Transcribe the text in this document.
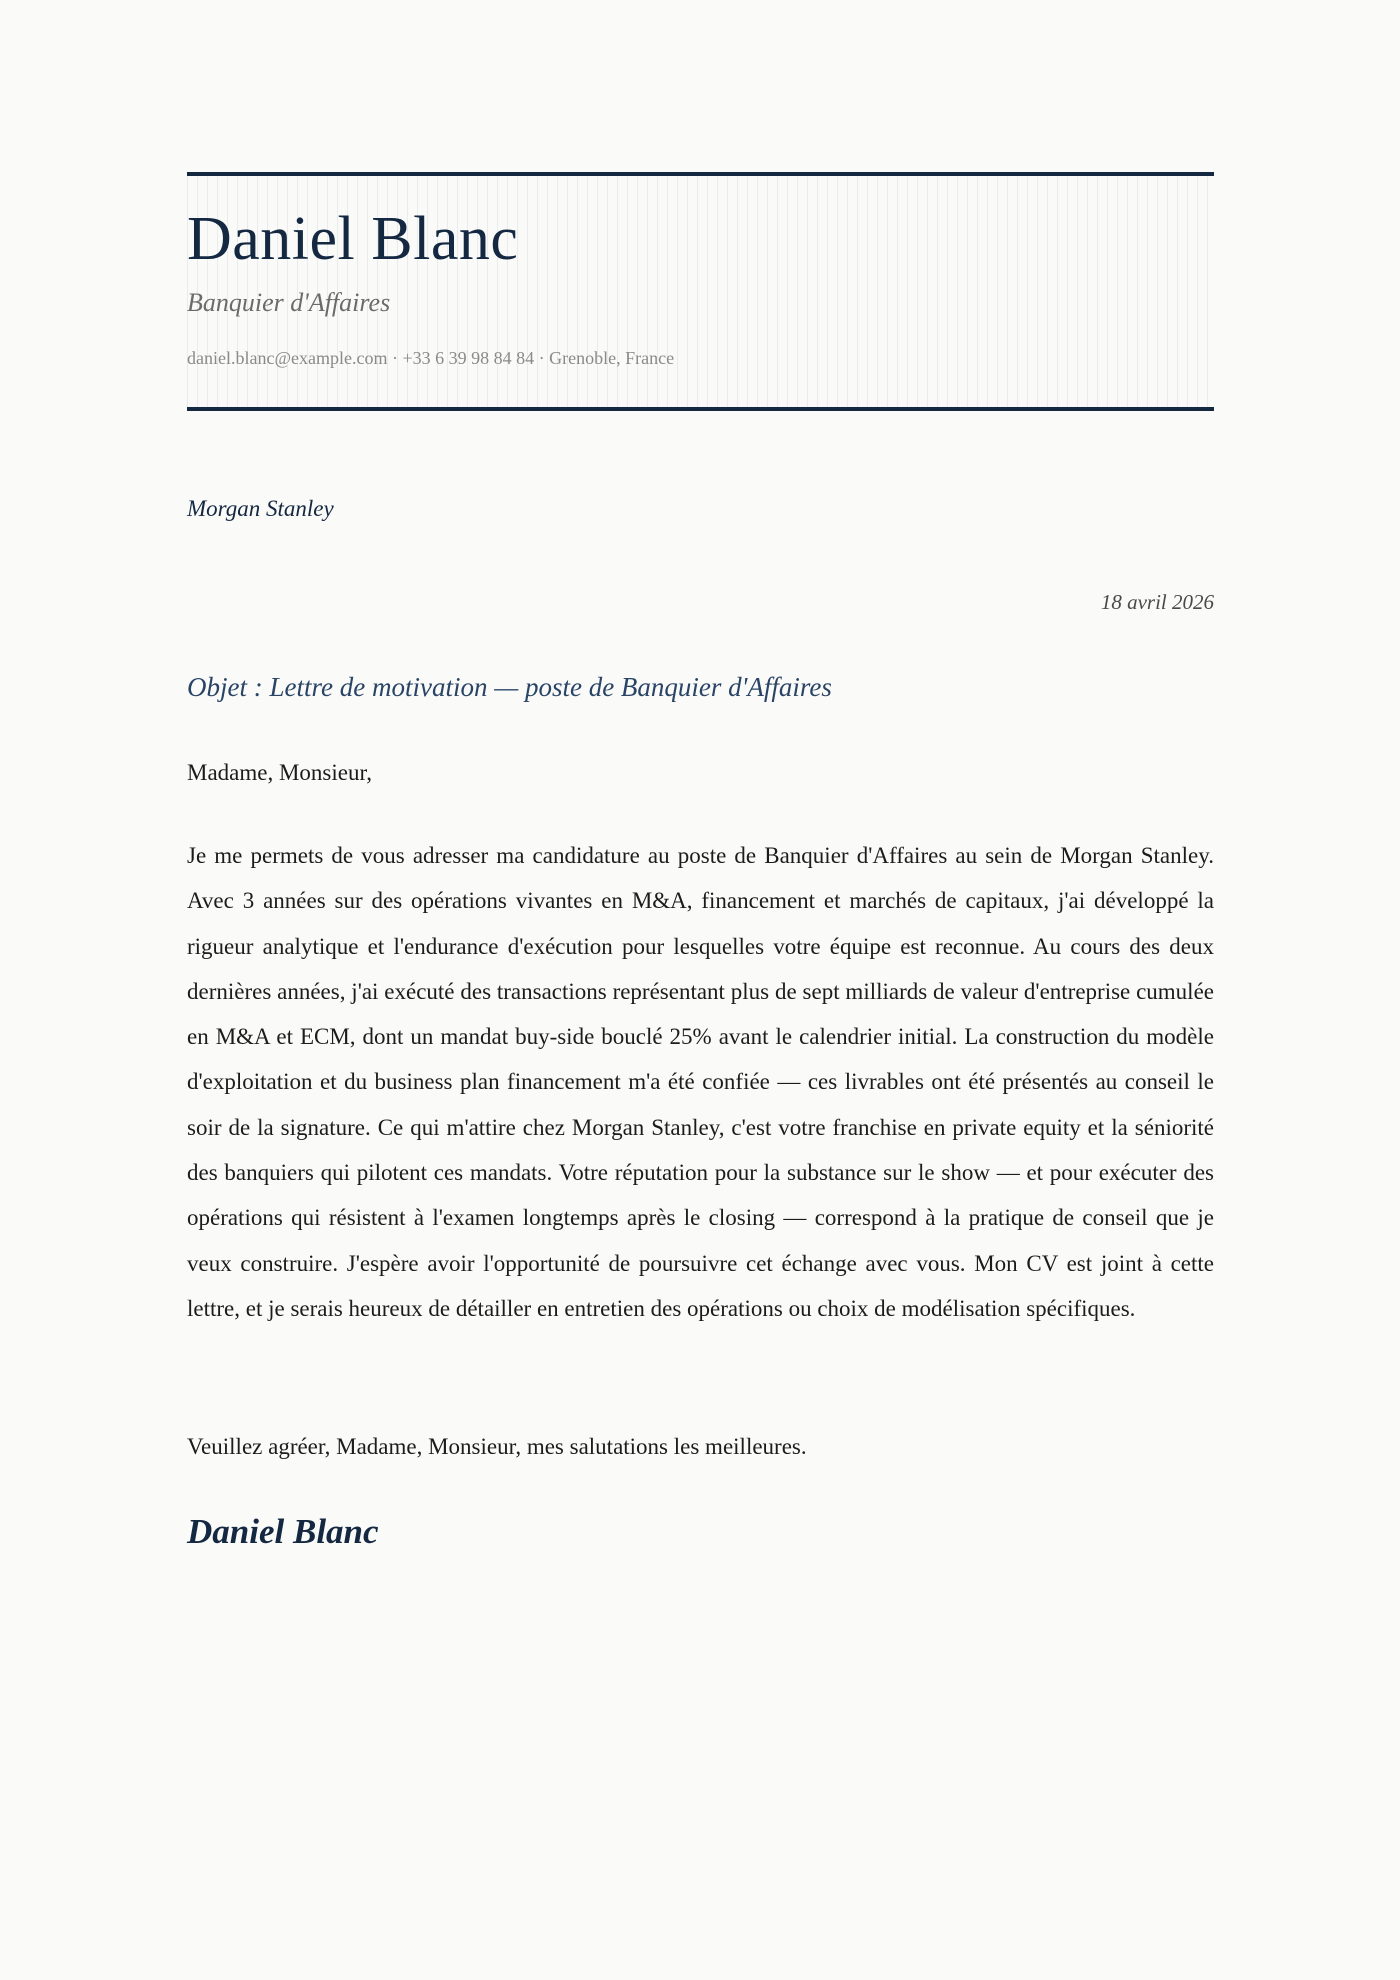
Daniel Blanc
Banquier d'Affaires
daniel.blanc@example.com · +33 6 39 98 84 84 · Grenoble, France
Morgan Stanley
18 avril 2026
Objet : Lettre de motivation — poste de Banquier d'Affaires
Madame, Monsieur,

Je me permets de vous adresser ma candidature au poste de Banquier d'Affaires au sein de Morgan Stanley. Avec 3 années sur des opérations vivantes en M&A, financement et marchés de capitaux, j'ai développé la rigueur analytique et l'endurance d'exécution pour lesquelles votre équipe est reconnue. Au cours des deux dernières années, j'ai exécuté des transactions représentant plus de sept milliards de valeur d'entreprise cumulée en M&A et ECM, dont un mandat buy-side bouclé 25% avant le calendrier initial. La construction du modèle d'exploitation et du business plan financement m'a été confiée — ces livrables ont été présentés au conseil le soir de la signature. Ce qui m'attire chez Morgan Stanley, c'est votre franchise en private equity et la séniorité des banquiers qui pilotent ces mandats. Votre réputation pour la substance sur le show — et pour exécuter des opérations qui résistent à l'examen longtemps après le closing — correspond à la pratique de conseil que je veux construire. J'espère avoir l'opportunité de poursuivre cet échange avec vous. Mon CV est joint à cette lettre, et je serais heureux de détailler en entretien des opérations ou choix de modélisation spécifiques.

Veuillez agréer, Madame, Monsieur, mes salutations les meilleures.
Daniel Blanc
